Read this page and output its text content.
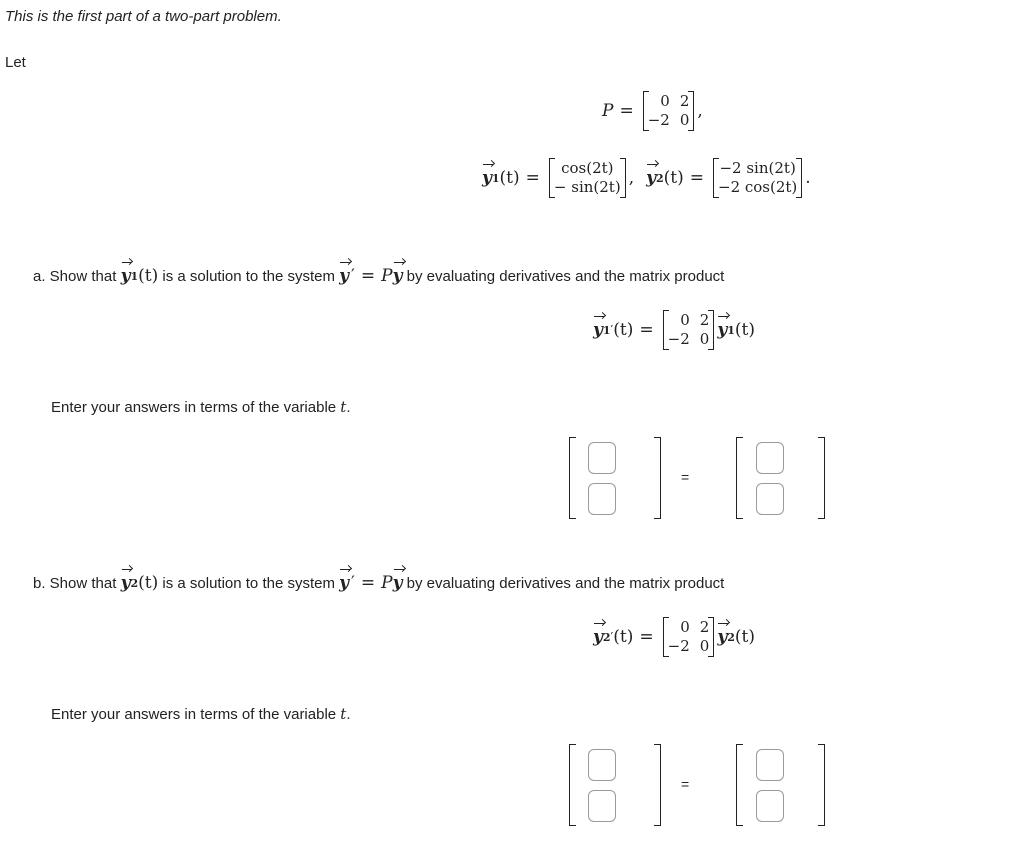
This is the first part of a two-part problem.
Let
P =	0 2
−2 0 ,
y 1 (t) =	cos(2t)
− sin(2t) , y 2 (t) = −2 sin(2t)
−2 cos(2t) .
a. Show that y 1 (t) is a solution to the system y ′ = P y by evaluating derivatives and the matrix product
y 1 ′ (t) =	0 2
−2 0 y 1 (t)
Enter your answers in terms of the variable t.
=
b. Show that y 2 (t) is a solution to the system y ′ = P y by evaluating derivatives and the matrix product
y 2 ′ (t) =	0 2
−2 0 y 2 (t)
Enter your answers in terms of the variable t.
=
